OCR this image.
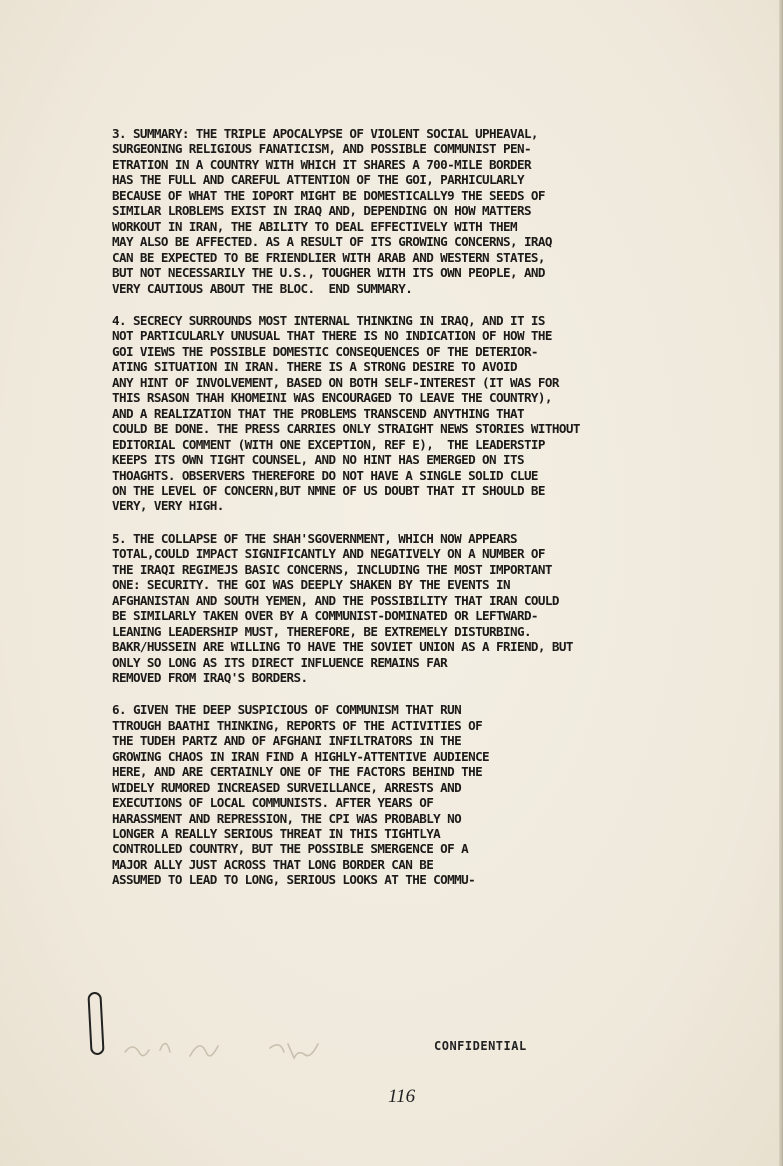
3. SUMMARY: THE TRIPLE APOCALYPSE OF VIOLENT SOCIAL UPHEAVAL,
SURGEONING RELIGIOUS FANATICISM, AND POSSIBLE COMMUNIST PEN-
ETRATION IN A COUNTRY WITH WHICH IT SHARES A 700-MILE BORDER
HAS THE FULL AND CAREFUL ATTENTION OF THE GOI, PARHICULARLY
BECAUSE OF WHAT THE IOPORT MIGHT BE DOMESTICALLY9 THE SEEDS OF
SIMILAR LROBLEMS EXIST IN IRAQ AND, DEPENDING ON HOW MATTERS
WORKOUT IN IRAN, THE ABILITY TO DEAL EFFECTIVELY WITH THEM
MAY ALSO BE AFFECTED. AS A RESULT OF ITS GROWING CONCERNS, IRAQ
CAN BE EXPECTED TO BE FRIENDLIER WITH ARAB AND WESTERN STATES,
BUT NOT NECESSARILY THE U.S., TOUGHER WITH ITS OWN PEOPLE, AND
VERY CAUTIOUS ABOUT THE BLOC.  END SUMMARY.
4. SECRECY SURROUNDS MOST INTERNAL THINKING IN IRAQ, AND IT IS
NOT PARTICULARLY UNUSUAL THAT THERE IS NO INDICATION OF HOW THE
GOI VIEWS THE POSSIBLE DOMESTIC CONSEQUENCES OF THE DETERIOR-
ATING SITUATION IN IRAN. THERE IS A STRONG DESIRE TO AVOID
ANY HINT OF INVOLVEMENT, BASED ON BOTH SELF-INTEREST (IT WAS FOR
THIS RSASON THAH KHOMEINI WAS ENCOURAGED TO LEAVE THE COUNTRY),
AND A REALIZATION THAT THE PROBLEMS TRANSCEND ANYTHING THAT
COULD BE DONE. THE PRESS CARRIES ONLY STRAIGHT NEWS STORIES WITHOUT
EDITORIAL COMMENT (WITH ONE EXCEPTION, REF E),  THE LEADERSTIP
KEEPS ITS OWN TIGHT COUNSEL, AND NO HINT HAS EMERGED ON ITS
THOAGHTS. OBSERVERS THEREFORE DO NOT HAVE A SINGLE SOLID CLUE
ON THE LEVEL OF CONCERN,BUT NMNE OF US DOUBT THAT IT SHOULD BE
VERY, VERY HIGH.
5. THE COLLAPSE OF THE SHAH'SGOVERNMENT, WHICH NOW APPEARS
TOTAL,COULD IMPACT SIGNIFICANTLY AND NEGATIVELY ON A NUMBER OF
THE IRAQI REGIMEJS BASIC CONCERNS, INCLUDING THE MOST IMPORTANT
ONE: SECURITY. THE GOI WAS DEEPLY SHAKEN BY THE EVENTS IN
AFGHANISTAN AND SOUTH YEMEN, AND THE POSSIBILITY THAT IRAN COULD
BE SIMILARLY TAKEN OVER BY A COMMUNIST-DOMINATED OR LEFTWARD-
LEANING LEADERSHIP MUST, THEREFORE, BE EXTREMELY DISTURBING.
BAKR/HUSSEIN ARE WILLING TO HAVE THE SOVIET UNION AS A FRIEND, BUT
ONLY SO LONG AS ITS DIRECT INFLUENCE REMAINS FAR
REMOVED FROM IRAQ'S BORDERS.
6. GIVEN THE DEEP SUSPICIOUS OF COMMUNISM THAT RUN
TTROUGH BAATHI THINKING, REPORTS OF THE ACTIVITIES OF
THE TUDEH PARTZ AND OF AFGHANI INFILTRATORS IN THE
GROWING CHAOS IN IRAN FIND A HIGHLY-ATTENTIVE AUDIENCE
HERE, AND ARE CERTAINLY ONE OF THE FACTORS BEHIND THE
WIDELY RUMORED INCREASED SURVEILLANCE, ARRESTS AND
EXECUTIONS OF LOCAL COMMUNISTS. AFTER YEARS OF
HARASSMENT AND REPRESSION, THE CPI WAS PROBABLY NO
LONGER A REALLY SERIOUS THREAT IN THIS TIGHTLYA
CONTROLLED COUNTRY, BUT THE POSSIBLE SMERGENCE OF A
MAJOR ALLY JUST ACROSS THAT LONG BORDER CAN BE
ASSUMED TO LEAD TO LONG, SERIOUS LOOKS AT THE COMMU-
CONFIDENTIAL
116
